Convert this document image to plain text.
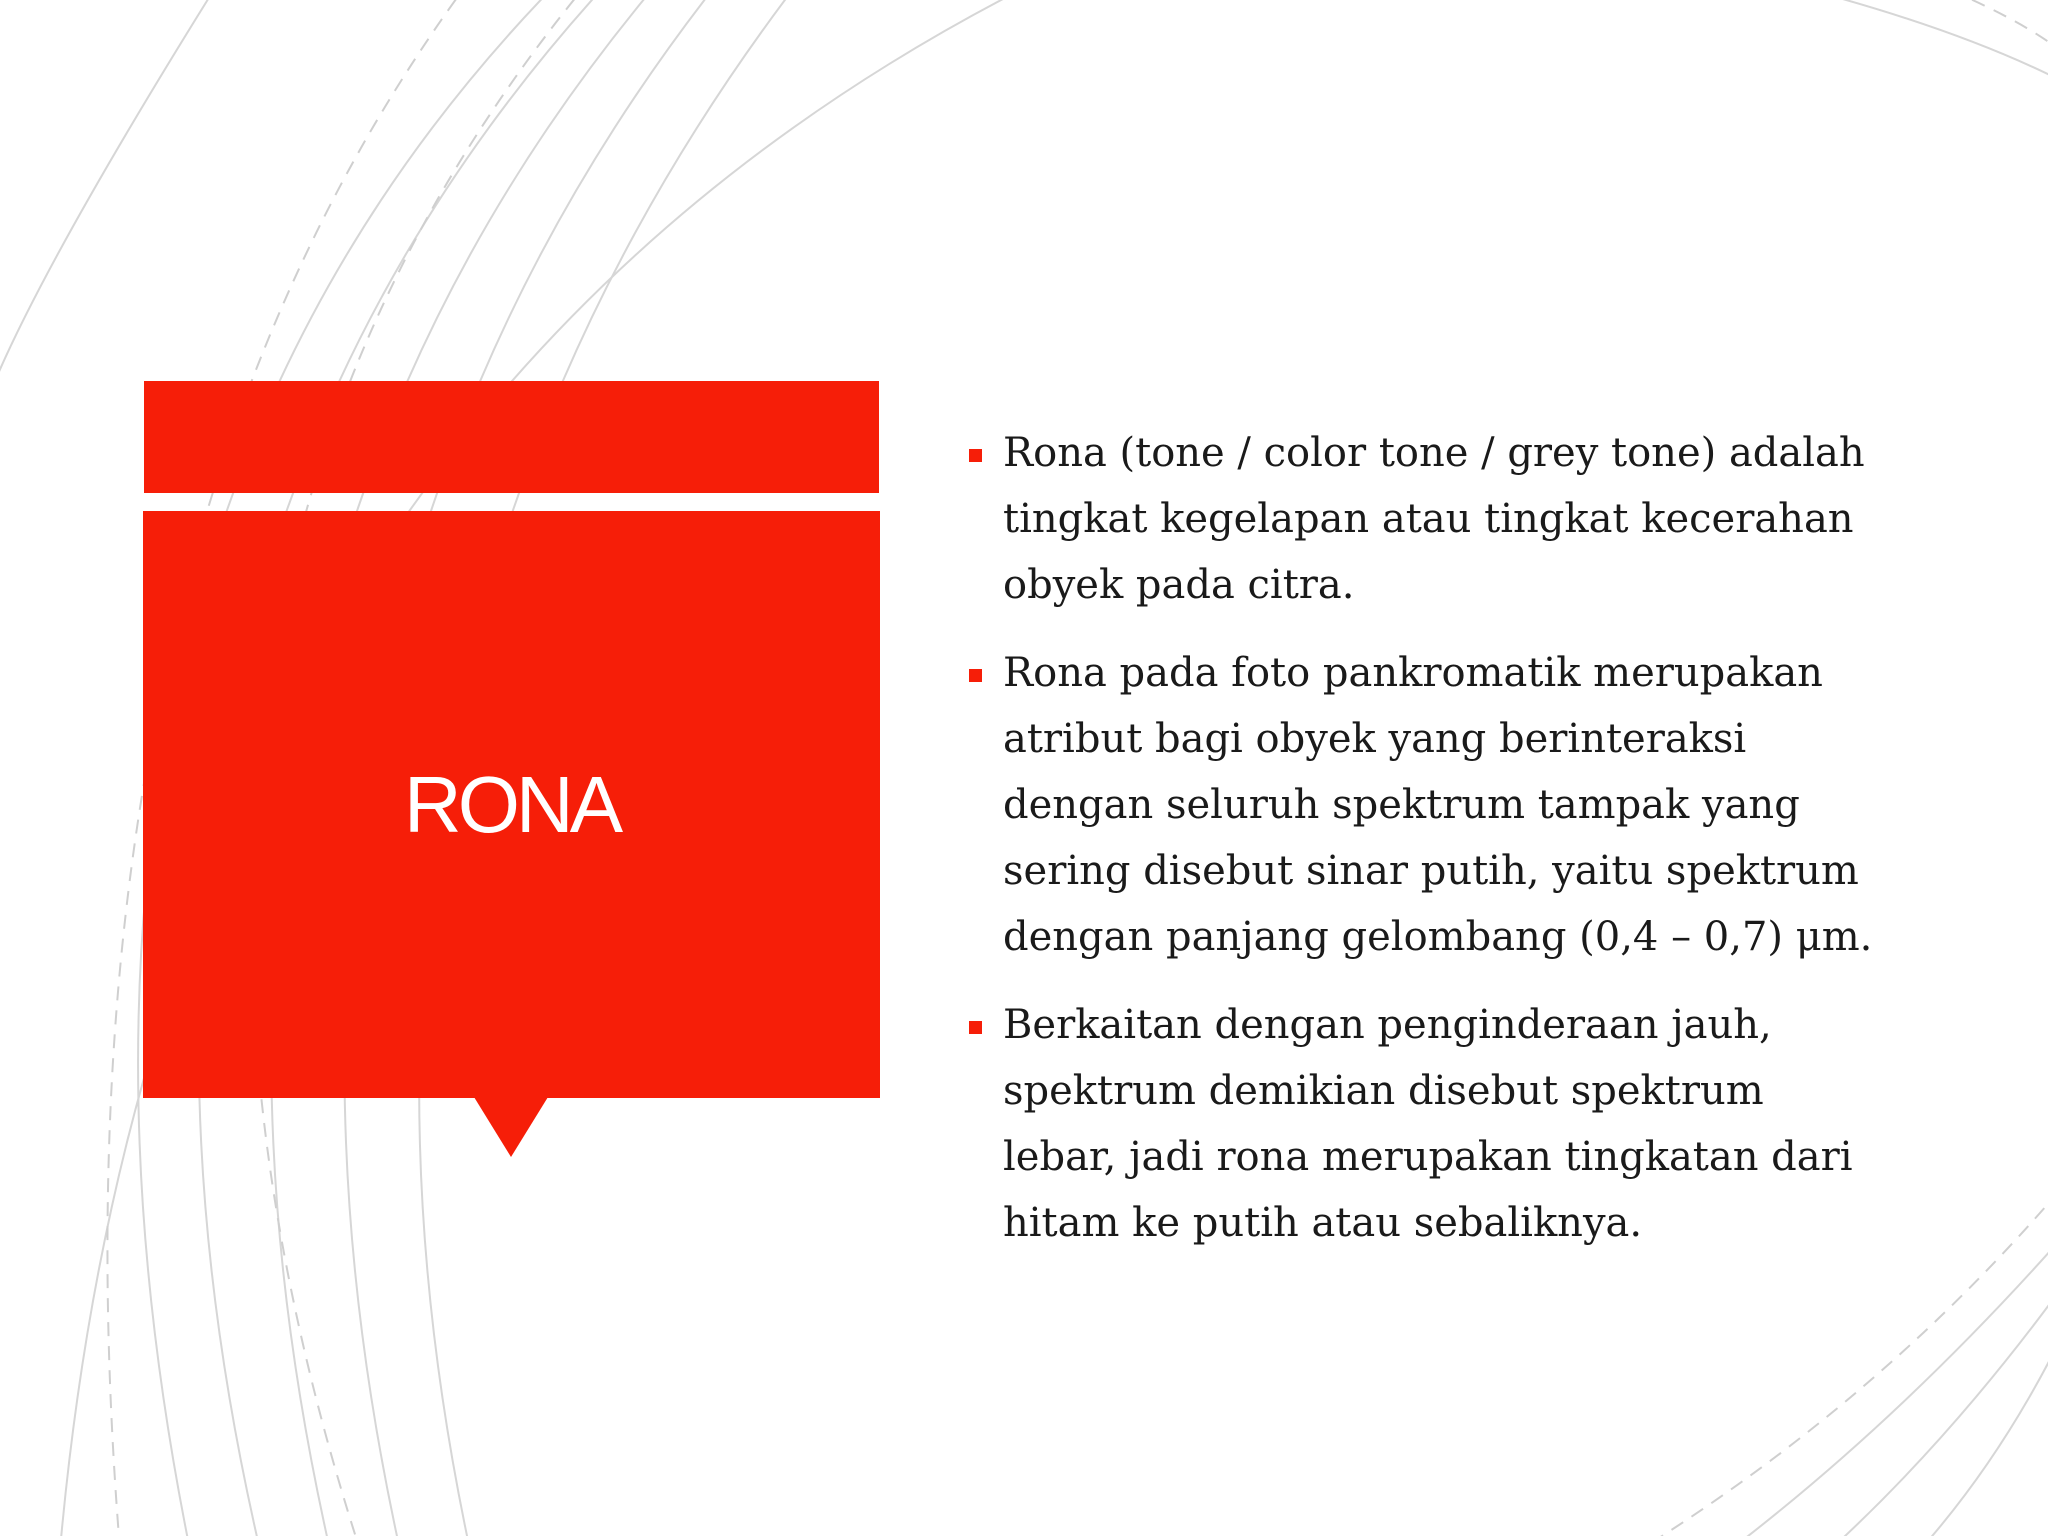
RONA
Rona (tone / color tone / grey tone) adalah
tingkat kegelapan atau tingkat kecerahan
obyek pada citra.
Rona pada foto pankromatik merupakan
atribut bagi obyek yang berinteraksi
dengan seluruh spektrum tampak yang
sering disebut sinar putih, yaitu spektrum
dengan panjang gelombang (0,4 – 0,7) μm.
Berkaitan dengan penginderaan jauh,
spektrum demikian disebut spektrum
lebar, jadi rona merupakan tingkatan dari
hitam ke putih atau sebaliknya.
